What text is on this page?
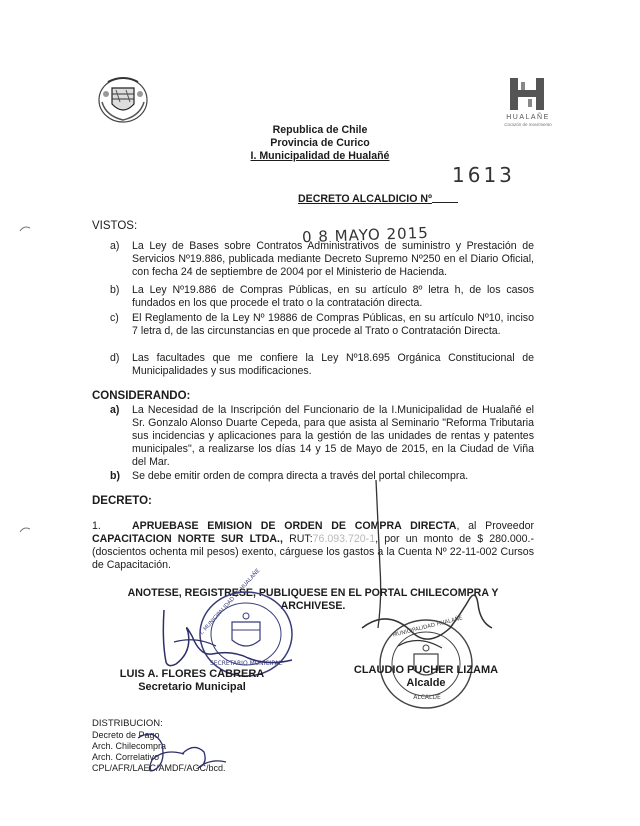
HUALAÑE
Corazón de movimiento
Republica de Chile
Provincia de Curico
I. Municipalidad de Hualañé
DECRETO ALCALDICIO Nº
1613
VISTOS:	0 8 MAYO 2015
a)	La Ley de Bases sobre Contratos Administrativos de suministro y Prestación de Servicios Nº19.886, publicada mediante Decreto Supremo Nº250 en el Diario Oficial, con fecha 24 de septiembre de 2004 por el Ministerio de Hacienda.
b)	La Ley Nº19.886 de Compras Públicas, en su artículo 8º letra h, de los casos fundados en los que procede el trato o la contratación directa.
c)	El Reglamento de la Ley Nº 19886 de Compras Públicas, en su artículo Nº10, inciso 7 letra d, de las circunstancias en que procede al Trato o Contratación Directa.
d)	Las facultades que me confiere la Ley Nº18.695 Orgánica Constitucional de Municipalidades y sus modificaciones.
CONSIDERANDO:
a)	La Necesidad de la Inscripción del Funcionario de la I.Municipalidad de Hualañé el Sr. Gonzalo Alonso Duarte Cepeda, para que asista al Seminario "Reforma Tributaria sus incidencias y aplicaciones para la gestión de las unidades de rentas y patentes municipales", a realizarse los días 14 y 15 de Mayo de 2015, en la Ciudad de Viña del Mar.
b)	Se debe emitir orden de compra directa a través del portal chilecompra.
DECRETO:
1.	APRUEBASE EMISION DE ORDEN DE COMPRA DIRECTA, al Proveedor CAPACITACION NORTE SUR LTDA., RUT:76.093.720-1, por un monto de $ 280.000.- (doscientos ochenta mil pesos) exento, cárguese los gastos a la Cuenta Nº 22-11-002 Cursos de Capacitación.
ANOTESE, REGISTRESE, PUBLIQUESE EN EL PORTAL CHILECOMPRA Y
ARCHIVESE.
I. MUNICIPALIDAD DE HUALAÑE
SECRETARIO MUNICIPAL
MUNICIPALIDAD HUALAÑE
ALCALDE
LUIS A. FLORES CABRERA
Secretario Municipal
CLAUDIO PUCHER LIZAMA
Alcalde
DISTRIBUCION:
Decreto de Pago
Arch. Chilecompra
Arch. Correlativo
CPL/AFR/LAEC/AMDF/AGC/bcd.
